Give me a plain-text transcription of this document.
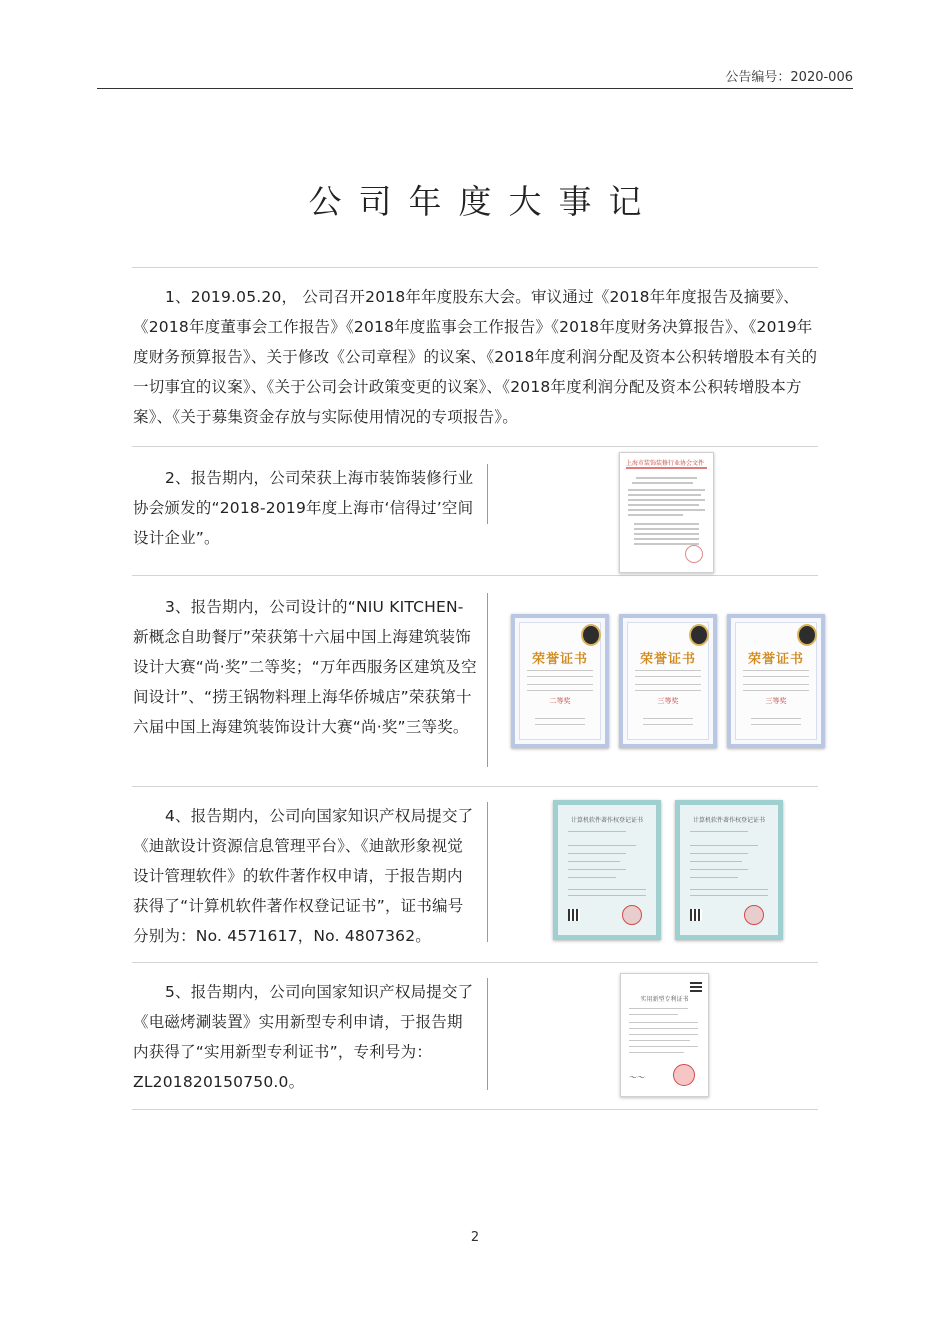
公告编号：2020-006
公司年度大事记
1、2019.05.20， 公司召开2018年年度股东大会。审议通过《2018年年度报告及摘要》、《2018年度董事会工作报告》《2018年度监事会工作报告》《2018年度财务决算报告》、《2019年度财务预算报告》、关于修改《公司章程》的议案、《2018年度利润分配及资本公积转增股本有关的一切事宜的议案》、《关于公司会计政策变更的议案》、《2018年度利润分配及资本公积转增股本方案》、《关于募集资金存放与实际使用情况的专项报告》。
2、报告期内，公司荣获上海市装饰装修行业协会颁发的“2018-2019年度上海市‘信得过’空间设计企业”。
上海市装饰装修行业协会文件
3、报告期内，公司设计的“NIU KITCHEN-新概念自助餐厅”荣获第十六届中国上海建筑装饰设计大赛“尚·奖”二等奖；“万年西服务区建筑及空间设计”、“捞王锅物料理上海华侨城店”荣获第十六届中国上海建筑装饰设计大赛“尚·奖”三等奖。
荣誉证书
二等奖
荣誉证书
三等奖
荣誉证书
三等奖
4、报告期内，公司向国家知识产权局提交了《迪歆设计资源信息管理平台》、《迪歆形象视觉设计管理软件》的软件著作权申请，于报告期内获得了“计算机软件著作权登记证书”，证书编号分别为：No. 4571617，No. 4807362。
计算机软件著作权登记证书	计算机软件著作权登记证书
5、报告期内，公司向国家知识产权局提交了《电磁烤涮装置》实用新型专利申请，于报告期内获得了“实用新型专利证书”，专利号为：ZL201820150750.0。
实用新型专利证书
〜〜
2
